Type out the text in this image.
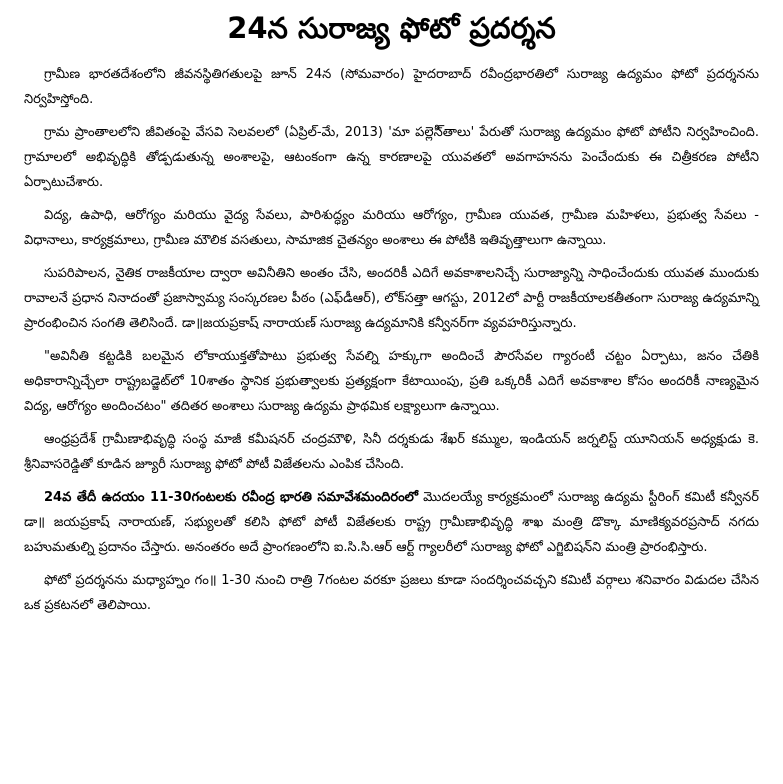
24న సురాజ్య ఫోటో ప్రదర్శన

గ్రామీణ భారతదేశంలోని జీవనస్థితిగతులపై జూన్ 24న (సోమవారం) హైదరాబాద్ రవీంద్రభారతిలో సురాజ్య ఉద్యమం ఫోటో ప్రదర్శనను నిర్వహిస్తోంది.

గ్రామ ప్రాంతాలలోని జీవితంపై వేసవి సెలవలలో (ఏప్రిల్-మే, 2013) 'మా పల్లెసీ్తాలు' పేరుతో సురాజ్య ఉద్యమం ఫోటో పోటీని నిర్వహించింది. గ్రామాలలో అభివృద్ధికి తోడ్పడుతున్న అంశాలపై, ఆటంకంగా ఉన్న కారణాలపై యువతలో అవగాహనను పెంచేందుకు ఈ చిత్రీకరణ పోటీని ఏర్పాటుచేశారు.

విద్య, ఉపాధి, ఆరోగ్యం మరియు వైద్య సేవలు, పారిశుద్ధ్యం మరియు ఆరోగ్యం, గ్రామీణ యువత, గ్రామీణ మహిళలు, ప్రభుత్వ సేవలు - విధానాలు, కార్యక్రమాలు, గ్రామీణ మౌలిక వసతులు, సామాజిక చైతన్యం అంశాలు ఈ పోటీకి ఇతివృత్తాలుగా ఉన్నాయి.

సుపరిపాలన, నైతిక రాజకీయాల ద్వారా అవినీతిని అంతం చేసి, అందరికీ ఎదిగే అవకాశాలనిచ్చే సురాజ్యాన్ని సాధించేందుకు యువత ముందుకు రావాలనే ప్రధాన నినాదంతో ప్రజాస్వామ్య సంస్కరణల పీఠం (ఎఫ్‌డీఆర్), లోక్‌సత్తా ఆగస్టు, 2012లో పార్టీ రాజకీయాలకతీతంగా సురాజ్య ఉద్యమాన్ని ప్రారంభించిన సంగతి తెలిసిందే. డా॥జయప్రకాష్ నారాయణ్ సురాజ్య ఉద్యమానికి కన్వీనర్‌గా వ్యవహరిస్తున్నారు.

"అవినీతి కట్టడికి బలమైన లోకాయుక్తతోపాటు ప్రభుత్వ సేవల్ని హక్కుగా అందించే పౌరసేవల గ్యారంటీ చట్టం ఏర్పాటు, జనం చేతికి అధికారాన్నిచ్చేలా రాష్ట్రబడ్జెట్‌లో 10శాతం స్థానిక ప్రభుత్వాలకు ప్రత్యక్షంగా కేటాయింపు, ప్రతి ఒక్కరికీ ఎదిగే అవకాశాల కోసం అందరికీ నాణ్యమైన విద్య, ఆరోగ్యం అందించటం" తదితర అంశాలు సురాజ్య ఉద్యమ ప్రాథమిక లక్ష్యాలుగా ఉన్నాయి.

ఆంధ్రప్రదేశ్ గ్రామీణాభివృద్ధి సంస్థ మాజీ కమీషనర్ చంద్రమౌళి, సినీ దర్శకుడు శేఖర్ కమ్ముల, ఇండియన్ జర్నలిస్ట్ యూనియన్ అధ్యక్షుడు కె. శ్రీనివాసరెడ్డితో కూడిన జ్యూరీ సురాజ్య ఫోటో పోటీ విజేతలను ఎంపిక చేసింది.

24వ తేదీ ఉదయం 11-30గంటలకు రవీంద్ర భారతి సమావేశమందిరంలో మొదలయ్యే కార్యక్రమంలో సురాజ్య ఉద్యమ స్టీరింగ్ కమిటీ కన్వీనర్ డా॥ జయప్రకాష్ నారాయణ్, సభ్యులతో కలిసి ఫోటో పోటీ విజేతలకు రాష్ట్ర గ్రామీణాభివృద్ధి శాఖ మంత్రి డొక్కా మాణిక్యవరప్రసాద్ నగదు బహుమతుల్ని ప్రదానం చేస్తారు. అనంతరం అదే ప్రాంగణంలోని ఐ.సి.సి.ఆర్ ఆర్ట్ గ్యాలరీలో సురాజ్య ఫోటో ఎగ్జిబిషన్‌ని మంత్రి ప్రారంభిస్తారు.

ఫోటో ప్రదర్శనను మధ్యాహ్నం గం॥ 1-30 నుంచి రాత్రి 7గంటల వరకూ ప్రజలు కూడా సందర్శించవచ్చని కమిటీ వర్గాలు శనివారం విడుదల చేసిన ఒక ప్రకటనలో తెలిపాయి.
